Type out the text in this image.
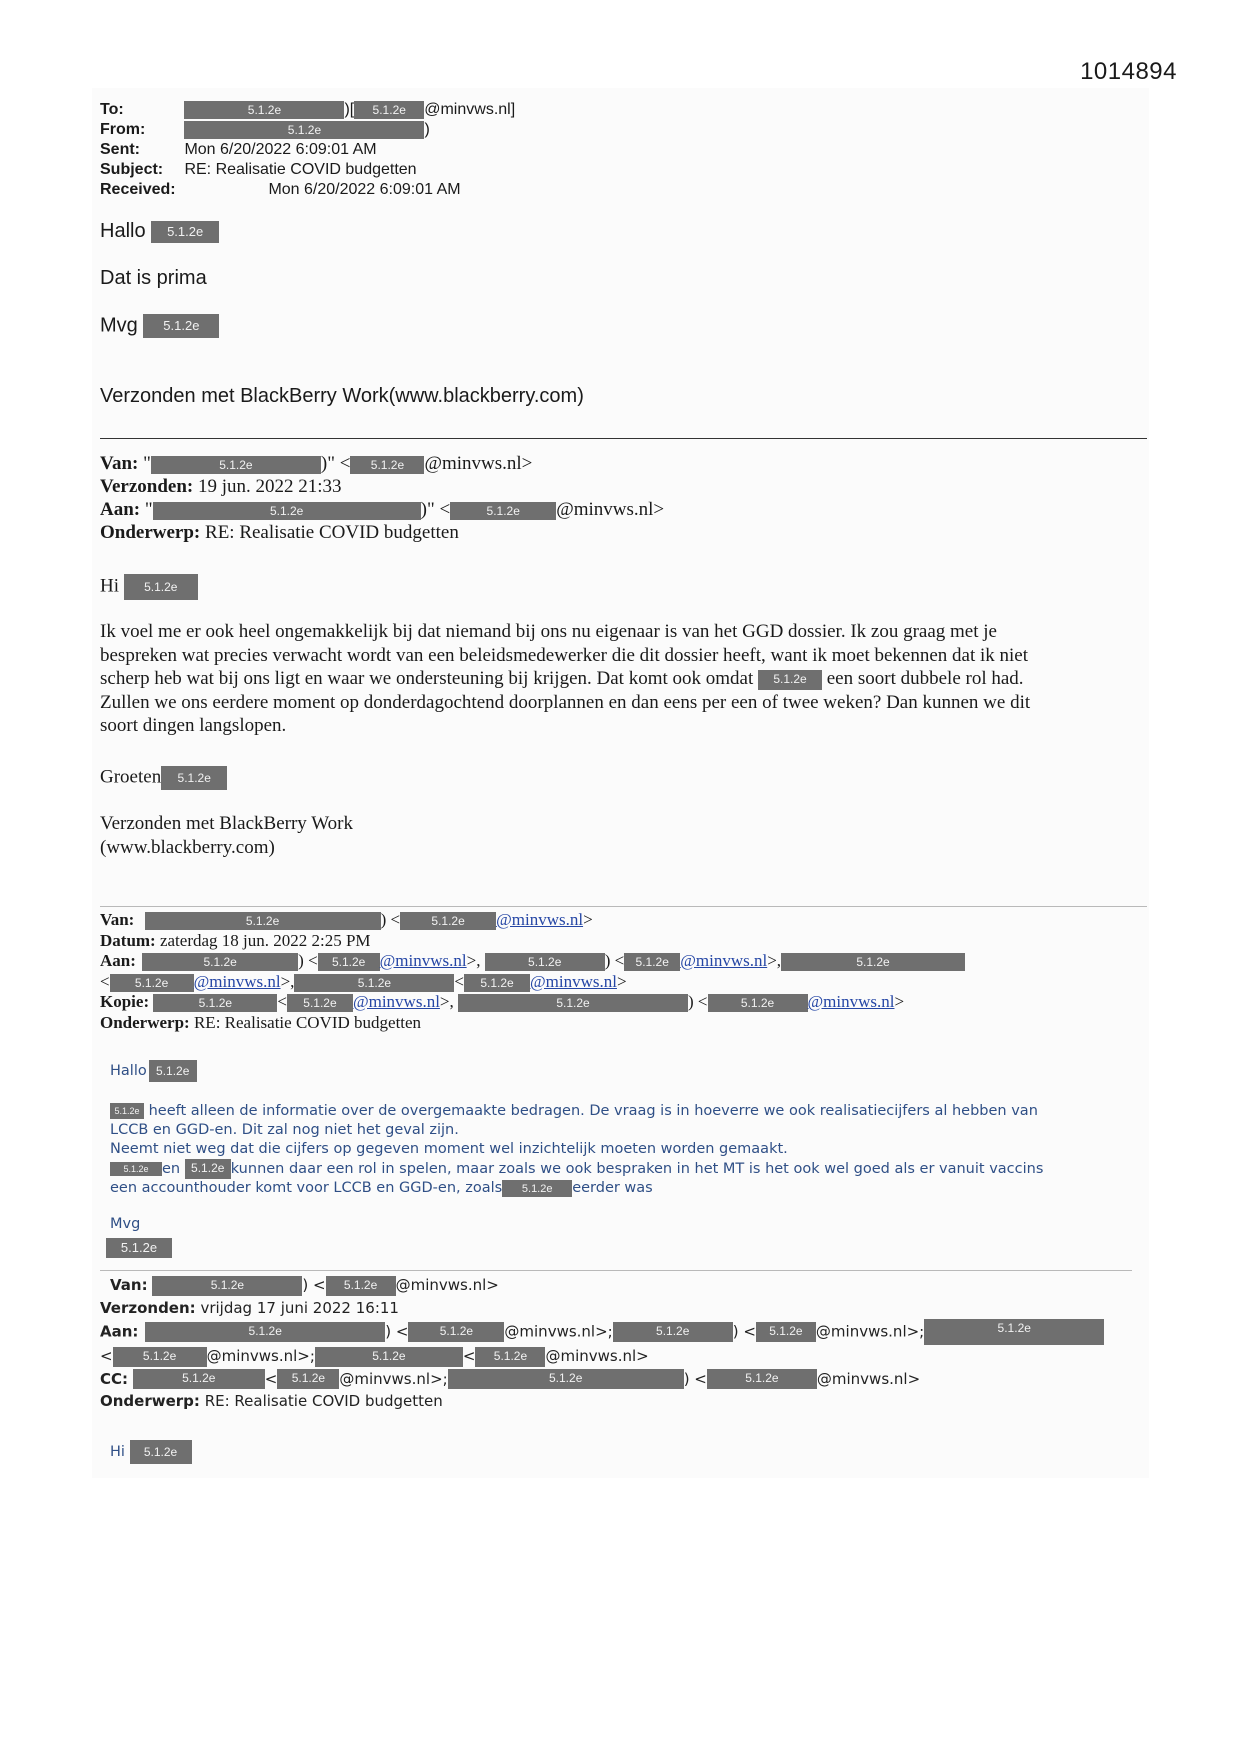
1014894
To:	5.1.2e	)[ 5.1.2e @minvws.nl]
From:	5.1.2e	)
Sent:	Mon 6/20/2022 6:09:01 AM
Subject: RE: Realisatie COVID budgetten
Received:	Mon 6/20/2022 6:09:01 AM
Hallo 5.1.2e
Dat is prima
Mvg 5.1.2e
Verzonden met BlackBerry Work(www.blackberry.com)
Van: "	5.1.2e	)" < 5.1.2e @minvws.nl>
Verzonden: 19 jun. 2022 21:33
Aan: "	5.1.2e	)" <	5.1.2e @minvws.nl>
Onderwerp: RE: Realisatie COVID budgetten
Hi 5.1.2e
Ik voel me er ook heel ongemakkelijk bij dat niemand bij ons nu eigenaar is van het GGD dossier. Ik zou graag met je
bespreken wat precies verwacht wordt van een beleidsmedewerker die dit dossier heeft, want ik moet bekennen dat ik niet
scherp heb wat bij ons ligt en waar we ondersteuning bij krijgen. Dat komt ook omdat 5.1.2e een soort dubbele rol had.
Zullen we ons eerdere moment op donderdagochtend doorplannen en dan eens per een of twee weken? Dan kunnen we dit
soort dingen langslopen.
Groeten 5.1.2e
Verzonden met BlackBerry Work
(www.blackberry.com)
Van:	5.1.2e	) <	5.1.2e @minvws.nl>
Datum: zaterdag 18 jun. 2022 2:25 PM
Aan:	5.1.2e	) < 5.1.2e @minvws.nl>,	5.1.2e	) < 5.1.2e @minvws.nl>,	5.1.2e
< 5.1.2e @minvws.nl>,	5.1.2e	< 5.1.2e @minvws.nl>
Kopie:	5.1.2e	< 5.1.2e @minvws.nl>,	5.1.2e	) <	5.1.2e @minvws.nl>
Onderwerp: RE: Realisatie COVID budgetten
Hallo 5.1.2e
5.1.2e heeft alleen de informatie over de overgemaakte bedragen. De vraag is in hoeverre we ook realisatiecijfers al hebben van
LCCB en GGD-en. Dit zal nog niet het geval zijn.
Neemt niet weg dat die cijfers op gegeven moment wel inzichtelijk moeten worden gemaakt.
5.1.2e en 5.1.2e kunnen daar een rol in spelen, maar zoals we ook bespraken in het MT is het ook wel goed als er vanuit vaccins
een accounthouder komt voor LCCB en GGD-en, zoals 5.1.2e eerder was
Mvg
5.1.2e
Van:	5.1.2e	) < 5.1.2e @minvws.nl>
Verzonden: vrijdag 17 juni 2022 16:11
Aan:	5.1.2e	) <	5.1.2e @minvws.nl>;	5.1.2e	) < 5.1.2e @minvws.nl>;	5.1.2e
<	5.1.2e @minvws.nl>;	5.1.2e	< 5.1.2e @minvws.nl>
CC:	5.1.2e	< 5.1.2e @minvws.nl>;	5.1.2e	) <	5.1.2e	@minvws.nl>
Onderwerp: RE: Realisatie COVID budgetten
Hi 5.1.2e
